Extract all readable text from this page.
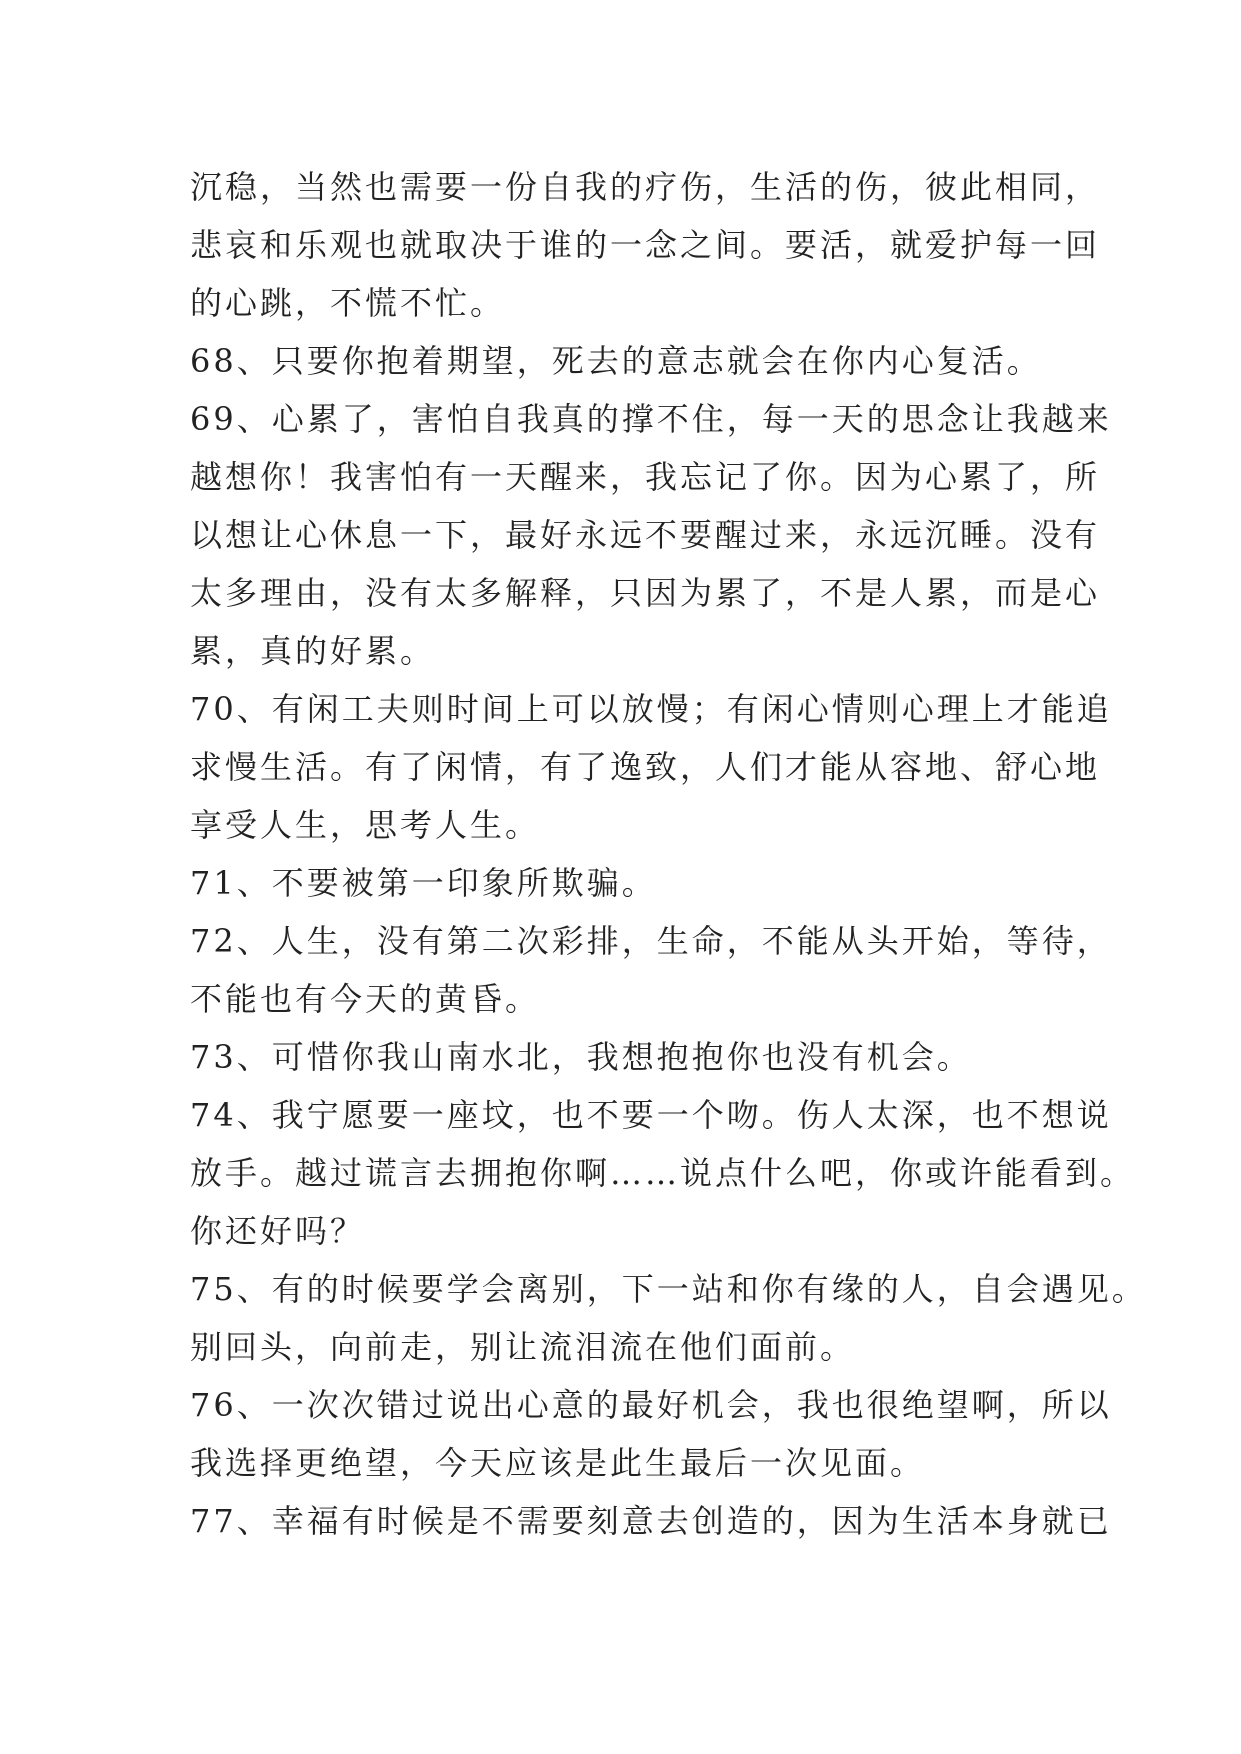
沉稳，当然也需要一份自我的疗伤，生活的伤，彼此相同，
悲哀和乐观也就取决于谁的一念之间。要活，就爱护每一回
的心跳，不慌不忙。
68、只要你抱着期望，死去的意志就会在你内心复活。
69、心累了，害怕自我真的撑不住，每一天的思念让我越来
越想你！我害怕有一天醒来，我忘记了你。因为心累了，所
以想让心休息一下，最好永远不要醒过来，永远沉睡。没有
太多理由，没有太多解释，只因为累了，不是人累，而是心
累，真的好累。
70、有闲工夫则时间上可以放慢；有闲心情则心理上才能追
求慢生活。有了闲情，有了逸致，人们才能从容地、舒心地
享受人生，思考人生。
71、不要被第一印象所欺骗。
72、人生，没有第二次彩排，生命，不能从头开始，等待，
不能也有今天的黄昏。
73、可惜你我山南水北，我想抱抱你也没有机会。
74、我宁愿要一座坟，也不要一个吻。伤人太深，也不想说
放手。越过谎言去拥抱你啊……说点什么吧，你或许能看到。
你还好吗？
75、有的时候要学会离别，下一站和你有缘的人，自会遇见。
别回头，向前走，别让流泪流在他们面前。
76、一次次错过说出心意的最好机会，我也很绝望啊，所以
我选择更绝望，今天应该是此生最后一次见面。
77、幸福有时候是不需要刻意去创造的，因为生活本身就已
